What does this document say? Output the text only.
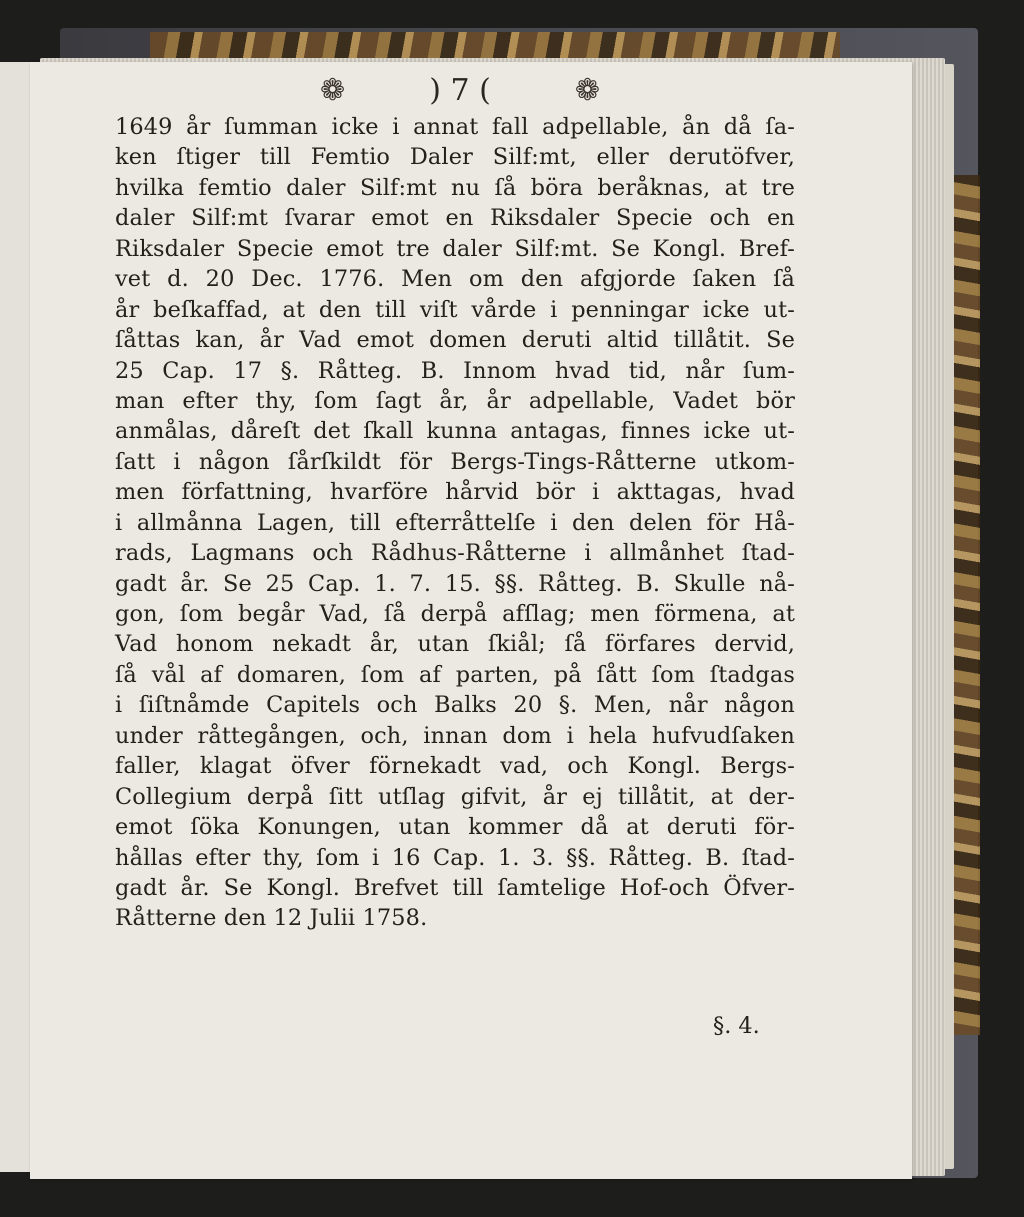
❁	) 7 (	❁
1649 år ſumman icke i annat fall adpellable, ån då ſa-
ken ſtiger till Femtio Daler Silf:mt, eller derutöfver,
hvilka femtio daler Silf:mt nu ſå böra beråknas, at tre
daler Silf:mt ſvarar emot en Riksdaler Specie och en
Riksdaler Specie emot tre daler Silf:mt. Se Kongl. Bref-
vet d. 20 Dec. 1776. Men om den afgjorde ſaken ſå
år beſkaffad, at den till viſt vårde i penningar icke ut-
ſåttas kan, år Vad emot domen deruti altid tillåtit. Se
25 Cap. 17 §. Råtteg. B. Innom hvad tid, når ſum-
man efter thy, ſom ſagt år, år adpellable, Vadet bör
anmålas, dåreſt det ſkall kunna antagas, finnes icke ut-
ſatt i någon ſårſkildt för Bergs-Tings-Råtterne utkom-
men författning, hvarföre hårvid bör i akttagas, hvad
i allmånna Lagen, till efterråttelſe i den delen för Hå-
rads, Lagmans och Rådhus-Råtterne i allmånhet ſtad-
gadt år. Se 25 Cap. 1. 7. 15. §§. Råtteg. B. Skulle nå-
gon, ſom begår Vad, ſå derpå afſlag; men förmena, at
Vad honom nekadt år, utan ſkiål; ſå förfares dervid,
ſå vål af domaren, ſom af parten, på ſått ſom ſtadgas
i ſiſtnåmde Capitels och Balks 20 §. Men, når någon
under råttegången, och, innan dom i hela hufvudſaken
faller, klagat öfver förnekadt vad, och Kongl. Bergs-
Collegium derpå ſitt utſlag gifvit, år ej tillåtit, at der-
emot ſöka Konungen, utan kommer då at deruti för-
hållas efter thy, ſom i 16 Cap. 1. 3. §§. Råtteg. B. ſtad-
gadt år. Se Kongl. Brefvet till ſamtelige Hof-och Öfver-
Råtterne den 12 Julii 1758.
§. 4.
